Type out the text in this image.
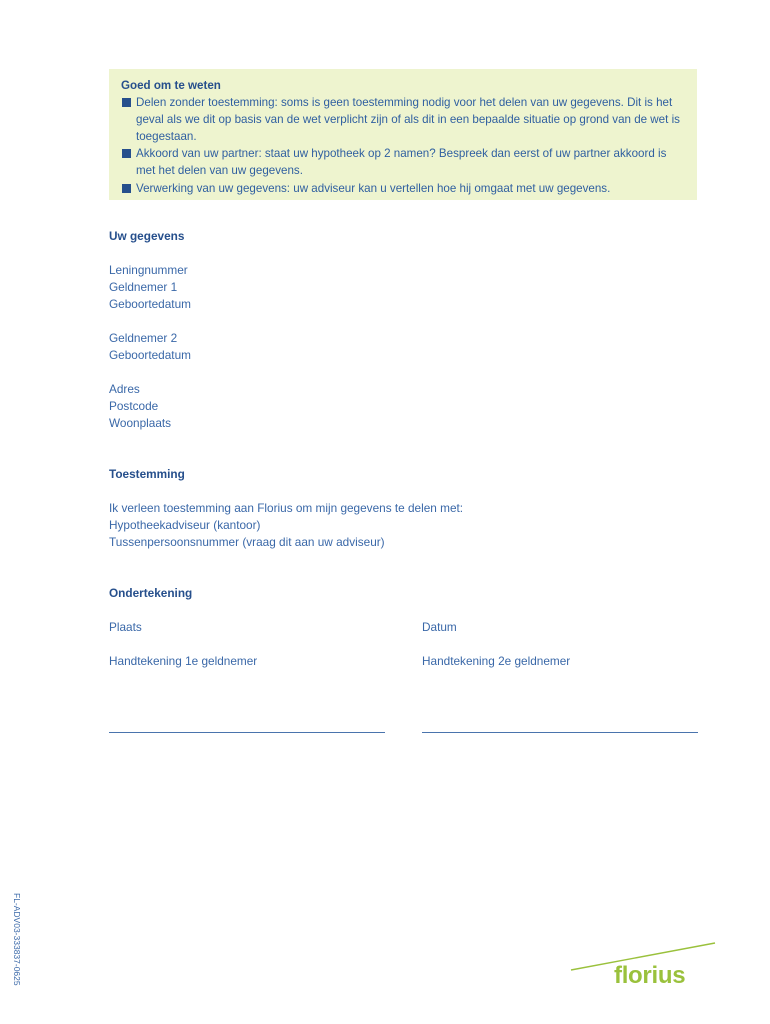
Goed om te weten
Delen zonder toestemming: soms is geen toestemming nodig voor het delen van uw gegevens. Dit is het geval als we dit op basis van de wet verplicht zijn of als dit in een bepaalde situatie op grond van de wet is toegestaan.
Akkoord van uw partner: staat uw hypotheek op 2 namen? Bespreek dan eerst of uw partner akkoord is met het delen van uw gegevens.
Verwerking van uw gegevens: uw adviseur kan u vertellen hoe hij omgaat met uw gegevens.
Uw gegevens
Leningnummer
Geldnemer 1
Geboortedatum
Geldnemer 2
Geboortedatum
Adres
Postcode
Woonplaats
Toestemming
Ik verleen toestemming aan Florius om mijn gegevens te delen met:
Hypotheekadviseur (kantoor)
Tussenpersoonsnummer (vraag dit aan uw adviseur)
Ondertekening
Plaats	Datum
Handtekening 1e geldnemer	Handtekening 2e geldnemer
FL-ADV03-333837-0625	florius
